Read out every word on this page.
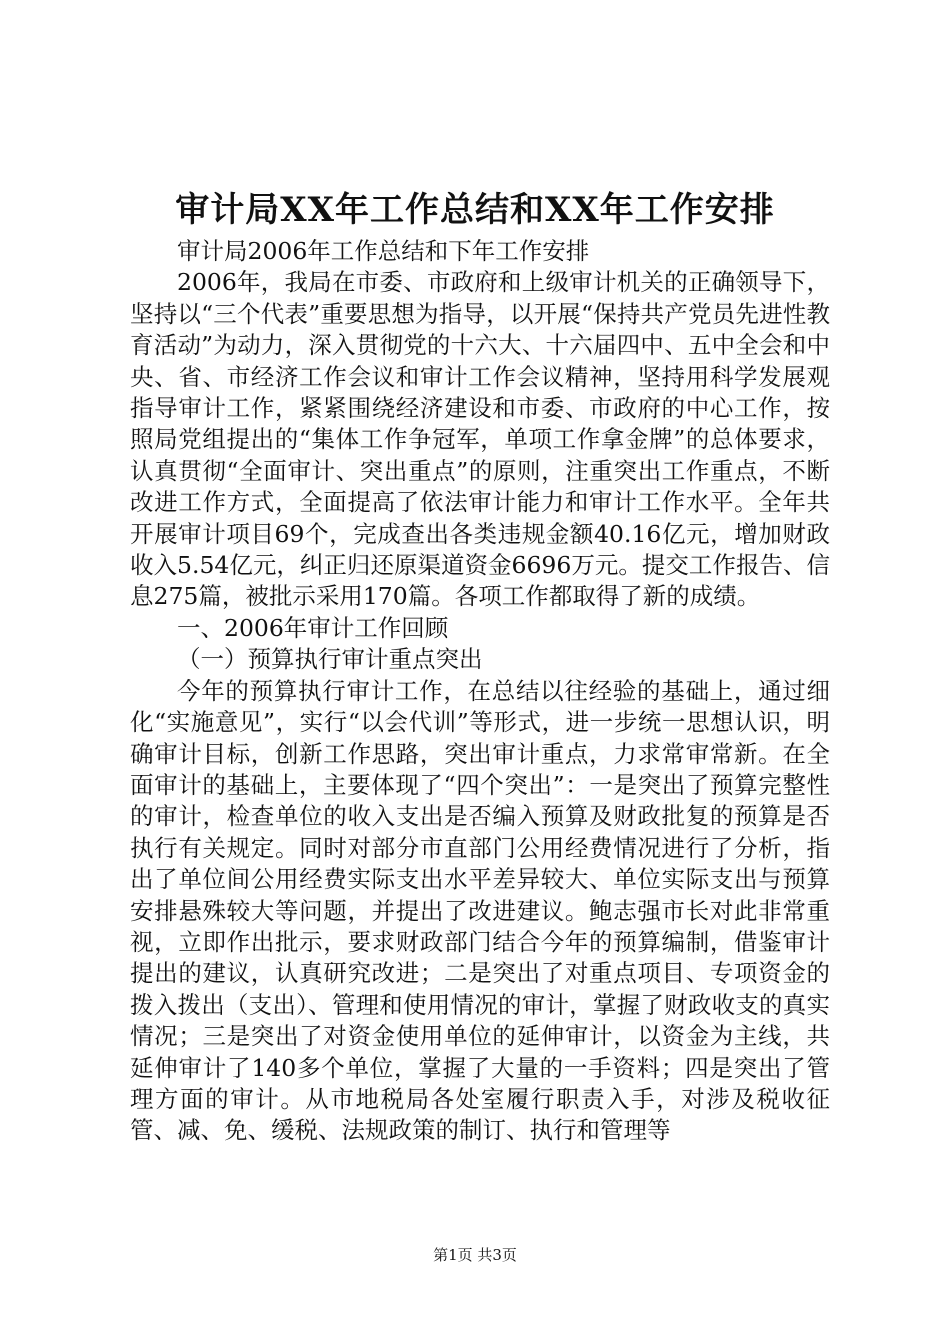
审计局XX年工作总结和XX年工作安排

审计局2006年工作总结和下年工作安排

2006年，我局在市委、市政府和上级审计机关的正确领导下，坚持以“三个代表”重要思想为指导，以开展“保持共产党员先进性教育活动”为动力，深入贯彻党的十六大、十六届四中、五中全会和中央、省、市经济工作会议和审计工作会议精神，坚持用科学发展观指导审计工作，紧紧围绕经济建设和市委、市政府的中心工作，按照局党组提出的“集体工作争冠军，单项工作拿金牌”的总体要求，认真贯彻“全面审计、突出重点”的原则，注重突出工作重点，不断改进工作方式，全面提高了依法审计能力和审计工作水平。全年共开展审计项目69个，完成查出各类违规金额40.16亿元，增加财政收入5.54亿元，纠正归还原渠道资金6696万元。提交工作报告、信息275篇，被批示采用170篇。各项工作都取得了新的成绩。

一、2006年审计工作回顾

（一）预算执行审计重点突出

今年的预算执行审计工作，在总结以往经验的基础上，通过细化“实施意见”，实行“以会代训”等形式，进一步统一思想认识，明确审计目标，创新工作思路，突出审计重点，力求常审常新。在全面审计的基础上，主要体现了“四个突出”：一是突出了预算完整性的审计，检查单位的收入支出是否编入预算及财政批复的预算是否执行有关规定。同时对部分市直部门公用经费情况进行了分析，指出了单位间公用经费实际支出水平差异较大、单位实际支出与预算安排悬殊较大等问题，并提出了改进建议。鲍志强市长对此非常重视，立即作出批示，要求财政部门结合今年的预算编制，借鉴审计提出的建议，认真研究改进；二是突出了对重点项目、专项资金的拨入拨出（支出）、管理和使用情况的审计，掌握了财政收支的真实情况；三是突出了对资金使用单位的延伸审计，以资金为主线，共延伸审计了140多个单位，掌握了大量的一手资料；四是突出了管理方面的审计。从市地税局各处室履行职责入手，对涉及税收征管、减、免、缓税、法规政策的制订、执行和管理等

第1页 共3页
